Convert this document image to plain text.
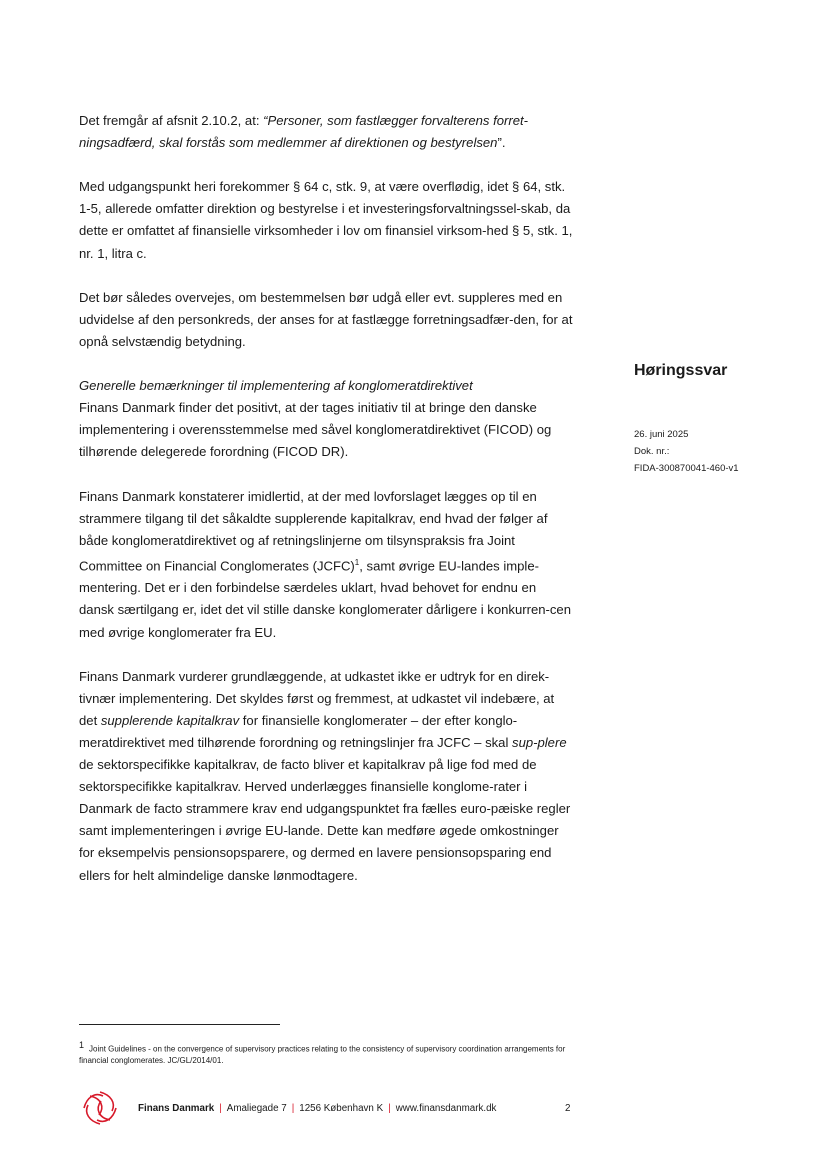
Det fremgår af afsnit 2.10.2, at: “Personer, som fastlægger forvalterens forret-ningsadfærd, skal forstås som medlemmer af direktionen og bestyrelsen”.

Med udgangspunkt heri forekommer § 64 c, stk. 9, at være overflødig, idet § 64, stk. 1-5, allerede omfatter direktion og bestyrelse i et investeringsforvaltningssel-skab, da dette er omfattet af finansielle virksomheder i lov om finansiel virksom-hed § 5, stk. 1, nr. 1, litra c.

Det bør således overvejes, om bestemmelsen bør udgå eller evt. suppleres med en udvidelse af den personkreds, der anses for at fastlægge forretningsadfær-den, for at opnå selvstændig betydning.

Generelle bemærkninger til implementering af konglomeratdirektivet

Finans Danmark finder det positivt, at der tages initiativ til at bringe den danske implementering i overensstemmelse med såvel konglomeratdirektivet (FICOD) og tilhørende delegerede forordning (FICOD DR).

Finans Danmark konstaterer imidlertid, at der med lovforslaget lægges op til en strammere tilgang til det såkaldte supplerende kapitalkrav, end hvad der følger af både konglomeratdirektivet og af retningslinjerne om tilsynspraksis fra Joint Committee on Financial Conglomerates (JCFC)$^1$, samt øvrige EU-landes imple-mentering. Det er i den forbindelse særdeles uklart, hvad behovet for endnu en dansk særtilgang er, idet det vil stille danske konglomerater dårligere i konkurren-cen med øvrige konglomerater fra EU.

Finans Danmark vurderer grundlæggende, at udkastet ikke er udtryk for en direk-tivnær implementering. Det skyldes først og fremmest, at udkastet vil indebære, at det supplerende kapitalkrav for finansielle konglomerater – der efter konglo-meratdirektivet med tilhørende forordning og retningslinjer fra JCFC – skal sup-plere de sektorspecifikke kapitalkrav, de facto bliver et kapitalkrav på lige fod med de sektorspecifikke kapitalkrav. Herved underlægges finansielle konglome-rater i Danmark de facto strammere krav end udgangspunktet fra fælles euro-pæiske regler samt implementeringen i øvrige EU-lande. Dette kan medføre øgede omkostninger for eksempelvis pensionsopsparere, og dermed en lavere pensionsopsparing end ellers for helt almindelige danske lønmodtagere.

Høringssvar
26. juni 2025
Dok. nr.:
FIDA-300870041-460-v1
$^1$ Joint Guidelines - on the convergence of supervisory practices relating to the consistency of supervisory coordination arrangements for financial conglomerates. JC/GL/2014/01.
Finans Danmark | Amaliegade 7 | 1256 København K | www.finansdanmark.dk	2
